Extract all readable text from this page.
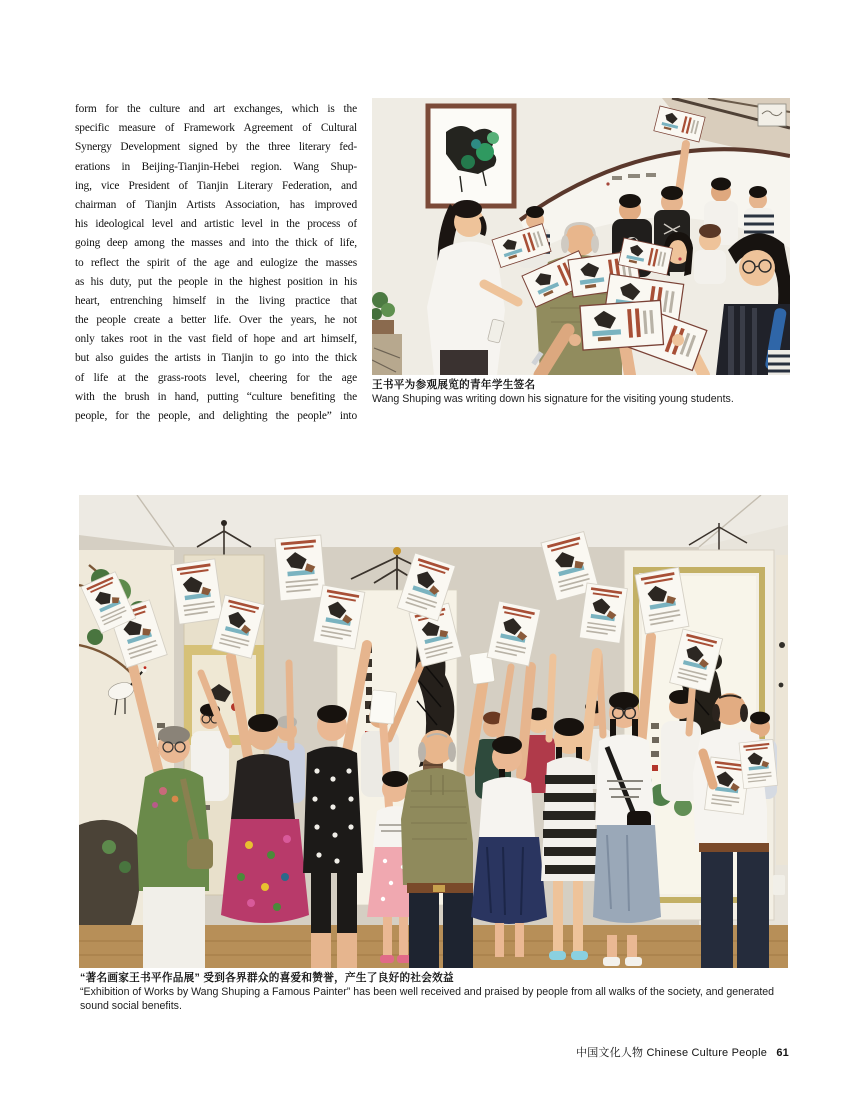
form for the culture and art exchanges, which is the
specific measure of Framework Agreement of Cultural
Synergy Development signed by the three literary fed-
erations in Beijing-Tianjin-Hebei region. Wang Shup-
ing, vice President of Tianjin Literary Federation, and
chairman of Tianjin Artists Association, has improved
his ideological level and artistic level in the process of
going deep among the masses and into the thick of life,
to reflect the spirit of the age and eulogize the masses
as his duty, put the people in the highest position in his
heart, entrenching himself in the living practice that
the people create a better life. Over the years, he not
only takes root in the vast field of hope and art himself,
but also guides the artists in Tianjin to go into the thick
of life at the grass-roots level, cheering for the age
with the brush in hand, putting “culture benefiting the
people, for the people, and delighting the people” into
王书平为参观展览的青年学生签名
Wang Shuping was writing down his signature for the visiting young students.
“著名画家王书平作品展” 受到各界群众的喜爱和赞誉，产生了良好的社会效益
“Exhibition of Works by Wang Shuping a Famous Painter” has been well received and praised by people from all walks of the society, and generated sound social benefits.
中国文化人物 Chinese Culture People 61
